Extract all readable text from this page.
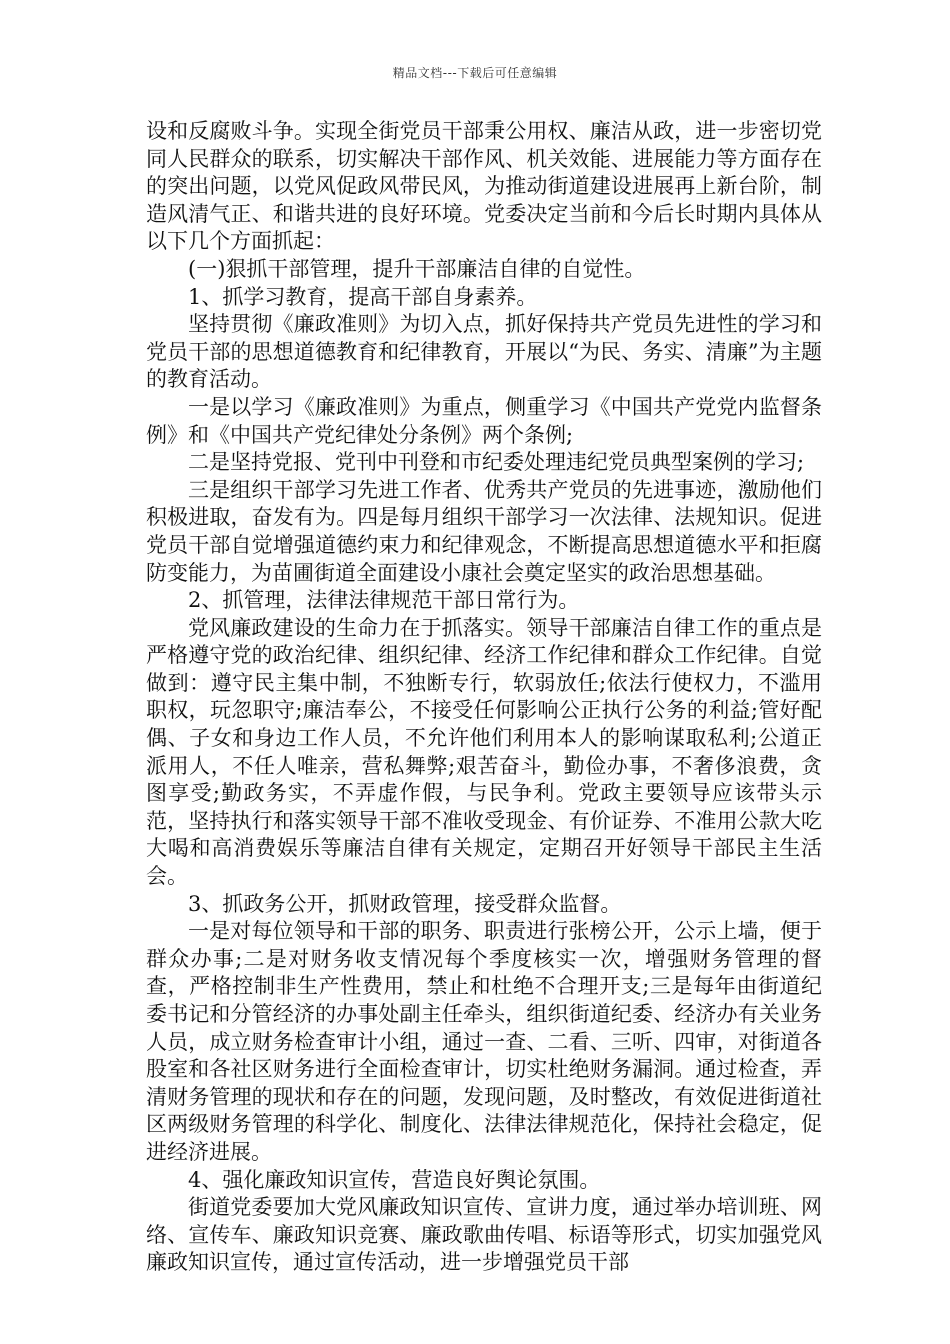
精品文档---下载后可任意编辑

设和反腐败斗争。实现全街党员干部秉公用权、廉洁从政，进一步密切党同人民群众的联系，切实解决干部作风、机关效能、进展能力等方面存在的突出问题，以党风促政风带民风，为推动街道建设进展再上新台阶，制造风清气正、和谐共进的良好环境。党委决定当前和今后长时期内具体从以下几个方面抓起：

(一)狠抓干部管理，提升干部廉洁自律的自觉性。

1、抓学习教育，提高干部自身素养。

坚持贯彻《廉政准则》为切入点，抓好保持共产党员先进性的学习和党员干部的思想道德教育和纪律教育，开展以“为民、务实、清廉”为主题的教育活动。

一是以学习《廉政准则》为重点，侧重学习《中国共产党党内监督条例》和《中国共产党纪律处分条例》两个条例;

二是坚持党报、党刊中刊登和市纪委处理违纪党员典型案例的学习;

三是组织干部学习先进工作者、优秀共产党员的先进事迹，激励他们积极进取，奋发有为。四是每月组织干部学习一次法律、法规知识。促进党员干部自觉增强道德约束力和纪律观念，不断提高思想道德水平和拒腐防变能力，为苗圃街道全面建设小康社会奠定坚实的政治思想基础。

2、抓管理，法律法律规范干部日常行为。

党风廉政建设的生命力在于抓落实。领导干部廉洁自律工作的重点是严格遵守党的政治纪律、组织纪律、经济工作纪律和群众工作纪律。自觉做到：遵守民主集中制，不独断专行，软弱放任;依法行使权力，不滥用职权，玩忽职守;廉洁奉公，不接受任何影响公正执行公务的利益;管好配偶、子女和身边工作人员，不允许他们利用本人的影响谋取私利;公道正派用人，不任人唯亲，营私舞弊;艰苦奋斗，勤俭办事，不奢侈浪费，贪图享受;勤政务实，不弄虚作假，与民争利。党政主要领导应该带头示范，坚持执行和落实领导干部不准收受现金、有价证券、不准用公款大吃大喝和高消费娱乐等廉洁自律有关规定，定期召开好领导干部民主生活会。

3、抓政务公开，抓财政管理，接受群众监督。

一是对每位领导和干部的职务、职责进行张榜公开，公示上墙，便于群众办事;二是对财务收支情况每个季度核实一次，增强财务管理的督查，严格控制非生产性费用，禁止和杜绝不合理开支;三是每年由街道纪委书记和分管经济的办事处副主任牵头，组织街道纪委、经济办有关业务人员，成立财务检查审计小组，通过一查、二看、三听、四审，对街道各股室和各社区财务进行全面检查审计，切实杜绝财务漏洞。通过检查，弄清财务管理的现状和存在的问题，发现问题，及时整改，有效促进街道社区两级财务管理的科学化、制度化、法律法律规范化，保持社会稳定，促进经济进展。

4、强化廉政知识宣传，营造良好舆论氛围。

街道党委要加大党风廉政知识宣传、宣讲力度，通过举办培训班、网络、宣传车、廉政知识竞赛、廉政歌曲传唱、标语等形式，切实加强党风廉政知识宣传，通过宣传活动，进一步增强党员干部
